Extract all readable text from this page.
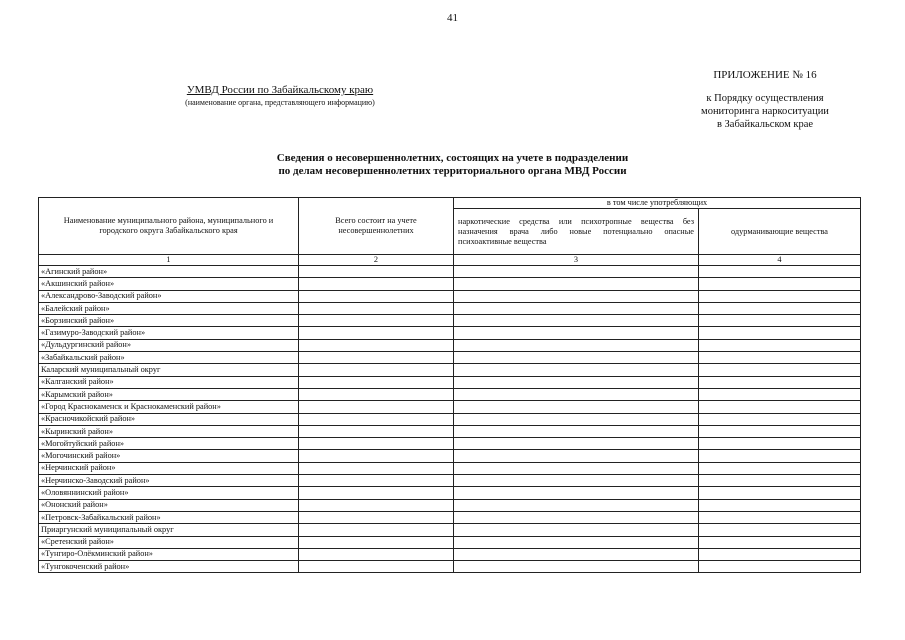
41
УМВД России по Забайкальскому краю
(наименование органа, представляющего информацию)
ПРИЛОЖЕНИЕ № 16
к Порядку осуществления
мониторинга наркоситуации
в Забайкальском крае
Сведения о несовершеннолетних, состоящих на учете в подразделении
по делам несовершеннолетних территориального органа МВД России
Наименование муниципального района, муниципального и городского округа Забайкальского края	Всего состоит на учете несовершеннолетних	в том числе употребляющих	
		наркотические средства или психотропные вещества без назначения врача либо новые потенциально опасные психоактивные вещества	одурманивающие вещества
1	2	3	4
«Агинский район»			
«Акшинский район»			
«Александрово-Заводский район»			
«Балейский район»			
«Борзинский район»			
«Газимуро-Заводский район»			
«Дульдургинский район»			
«Забайкальский район»			
Каларский муниципальный округ			
«Калганский район»			
«Карымский район»			
«Город Краснокаменск и Краснокаменский район»			
«Красночикойский район»			
«Кыринский район»			
«Могойтуйский район»			
«Могочинский район»			
«Нерчинский район»			
«Нерчинско-Заводский район»			
«Оловяннинский район»			
«Ононский район»			
«Петровск-Забайкальский район»			
Приаргунский муниципальный округ			
«Сретенский район»			
«Тунгиро-Олёкминский район»			
«Тунгокоченский район»			
